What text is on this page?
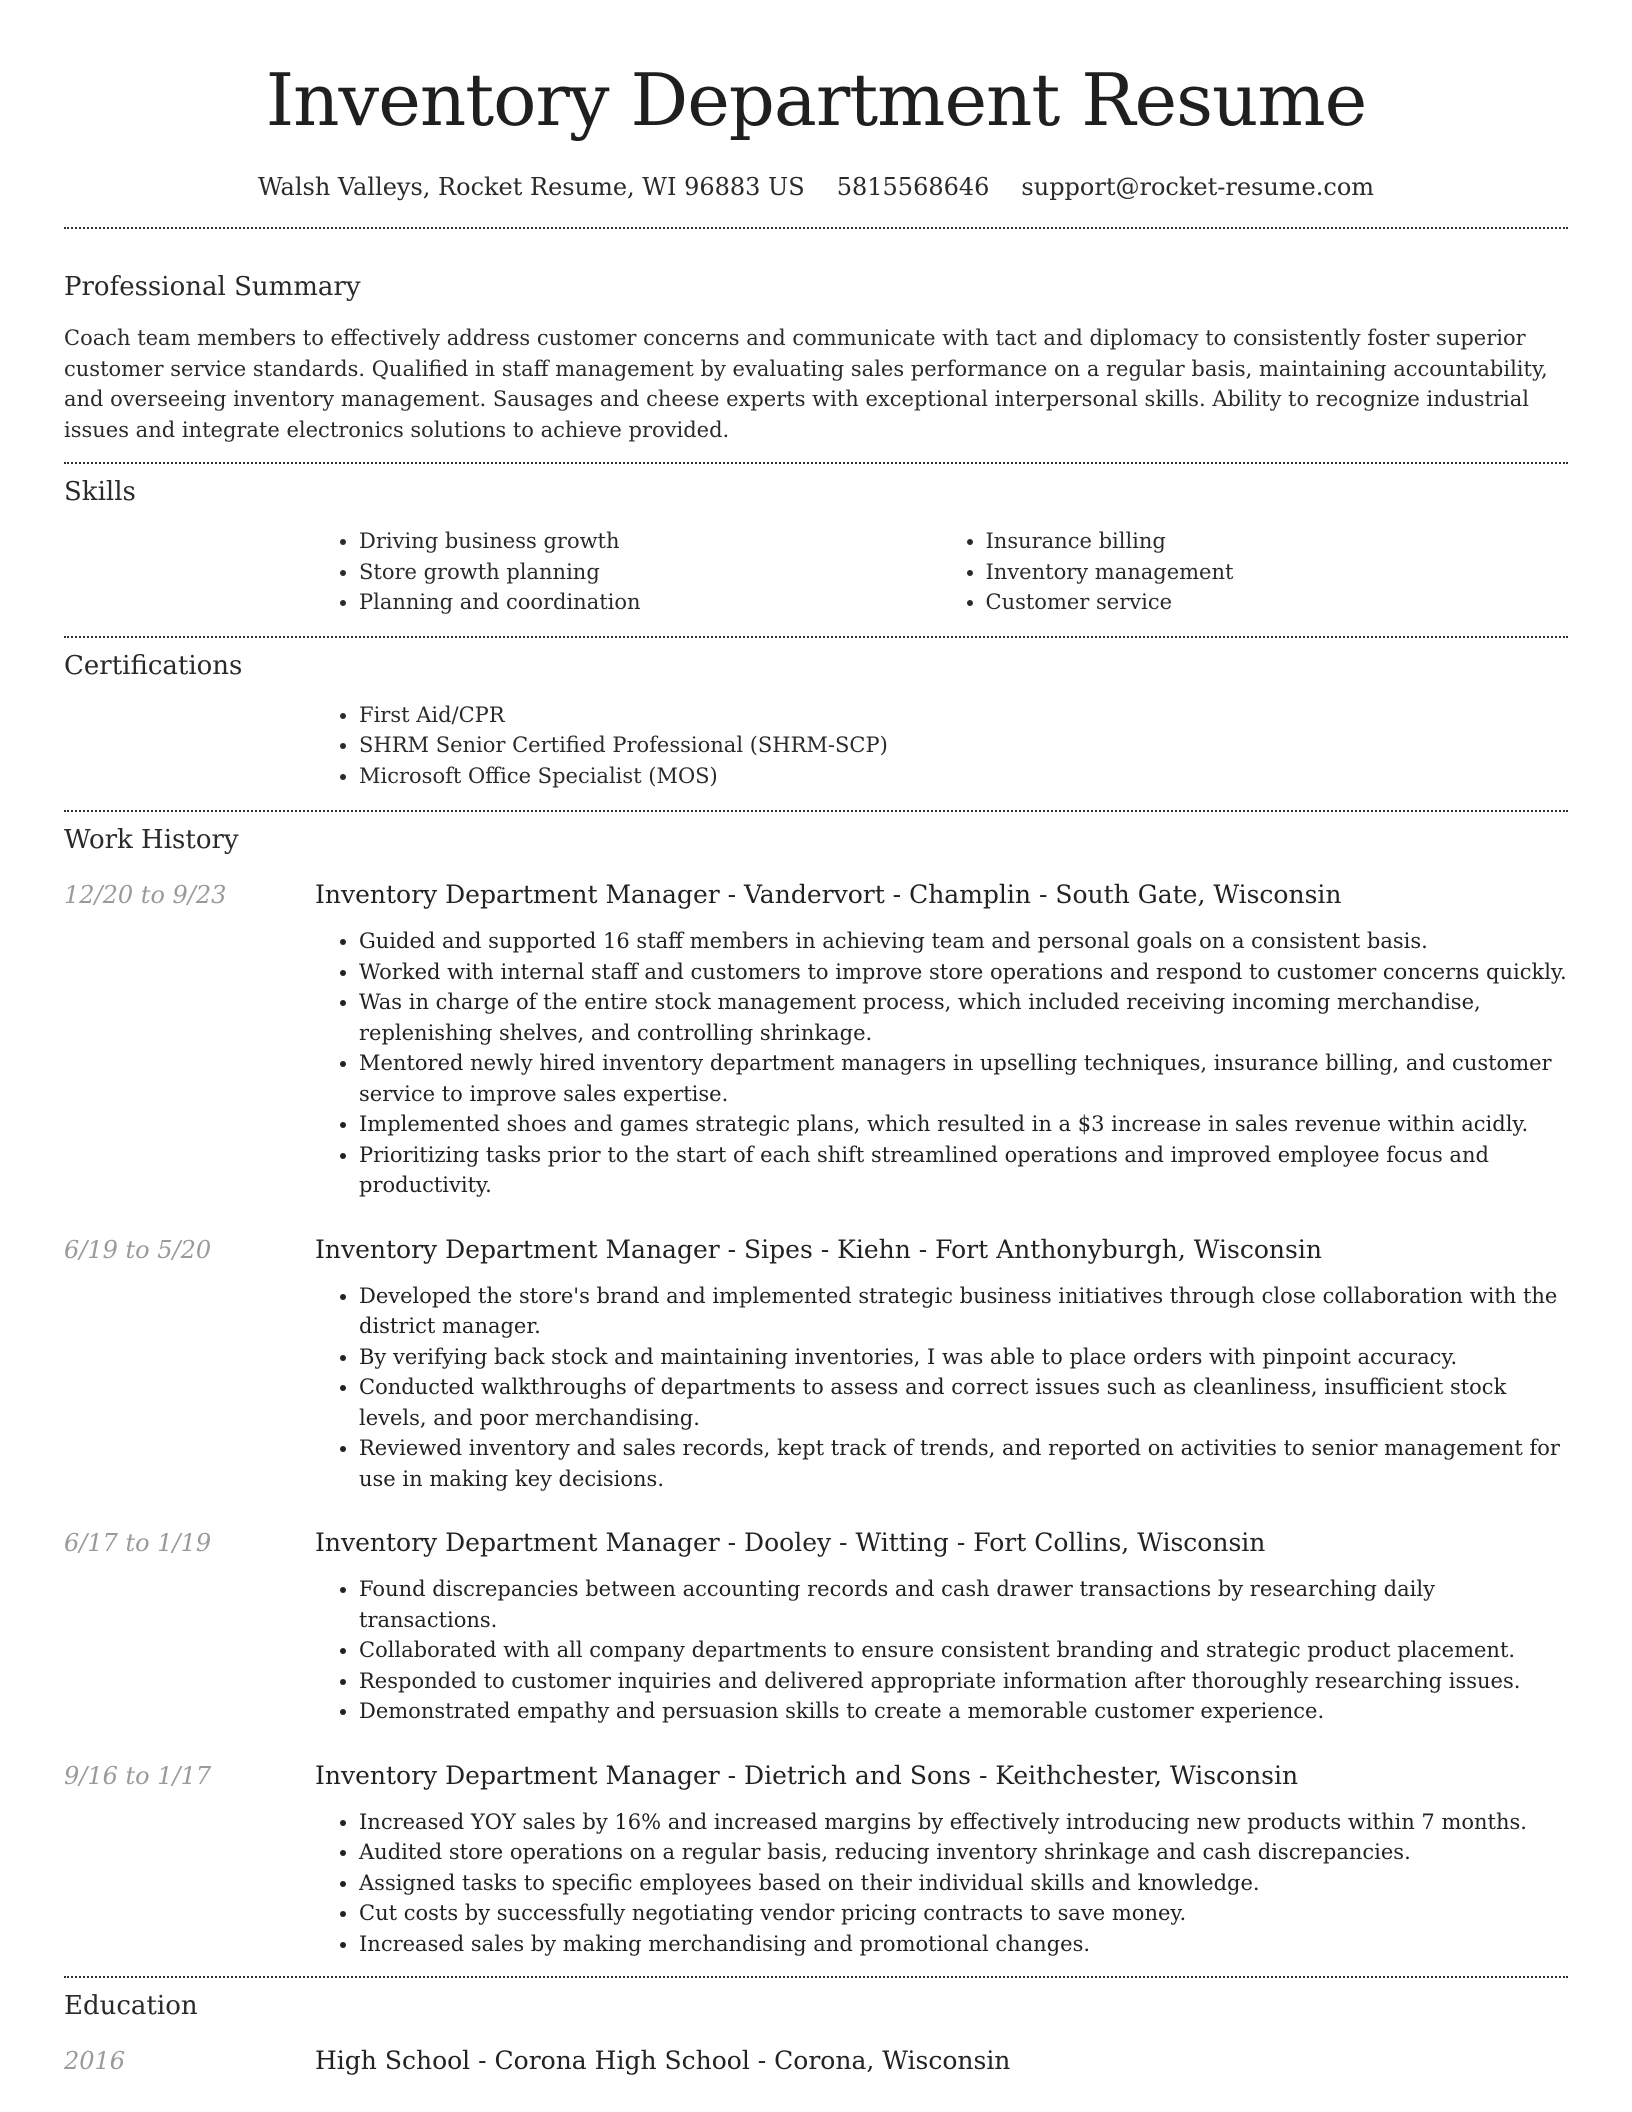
Inventory Department Resume
Walsh Valleys, Rocket Resume, WI 96883 US 5815568646 support@rocket-resume.com
Professional Summary

Coach team members to effectively address customer concerns and communicate with tact and diplomacy to consistently foster superior customer service standards. Qualified in staff management by evaluating sales performance on a regular basis, maintaining accountability, and overseeing inventory management. Sausages and cheese experts with exceptional interpersonal skills. Ability to recognize industrial issues and integrate electronics solutions to achieve provided.

Skills
• Driving business growth
• Store growth planning
• Planning and coordination
• Insurance billing
• Inventory management
• Customer service
Certifications
• First Aid/CPR
• SHRM Senior Certified Professional (SHRM-SCP)
• Microsoft Office Specialist (MOS)
Work History
12/20 to 9/23	Inventory Department Manager - Vandervort - Champlin - South Gate, Wisconsin
• Guided and supported 16 staff members in achieving team and personal goals on a consistent basis.
• Worked with internal staff and customers to improve store operations and respond to customer concerns quickly.
• Was in charge of the entire stock management process, which included receiving incoming merchandise, replenishing shelves, and controlling shrinkage.
• Mentored newly hired inventory department managers in upselling techniques, insurance billing, and customer service to improve sales expertise.
• Implemented shoes and games strategic plans, which resulted in a $3 increase in sales revenue within acidly.
• Prioritizing tasks prior to the start of each shift streamlined operations and improved employee focus and productivity.
6/19 to 5/20	Inventory Department Manager - Sipes - Kiehn - Fort Anthonyburgh, Wisconsin
• Developed the store's brand and implemented strategic business initiatives through close collaboration with the district manager.
• By verifying back stock and maintaining inventories, I was able to place orders with pinpoint accuracy.
• Conducted walkthroughs of departments to assess and correct issues such as cleanliness, insufficient stock levels, and poor merchandising.
• Reviewed inventory and sales records, kept track of trends, and reported on activities to senior management for use in making key decisions.
6/17 to 1/19	Inventory Department Manager - Dooley - Witting - Fort Collins, Wisconsin
• Found discrepancies between accounting records and cash drawer transactions by researching daily transactions.
• Collaborated with all company departments to ensure consistent branding and strategic product placement.
• Responded to customer inquiries and delivered appropriate information after thoroughly researching issues.
• Demonstrated empathy and persuasion skills to create a memorable customer experience.
9/16 to 1/17	Inventory Department Manager - Dietrich and Sons - Keithchester, Wisconsin
• Increased YOY sales by 16% and increased margins by effectively introducing new products within 7 months.
• Audited store operations on a regular basis, reducing inventory shrinkage and cash discrepancies.
• Assigned tasks to specific employees based on their individual skills and knowledge.
• Cut costs by successfully negotiating vendor pricing contracts to save money.
• Increased sales by making merchandising and promotional changes.
Education
2016	High School - Corona High School - Corona, Wisconsin
